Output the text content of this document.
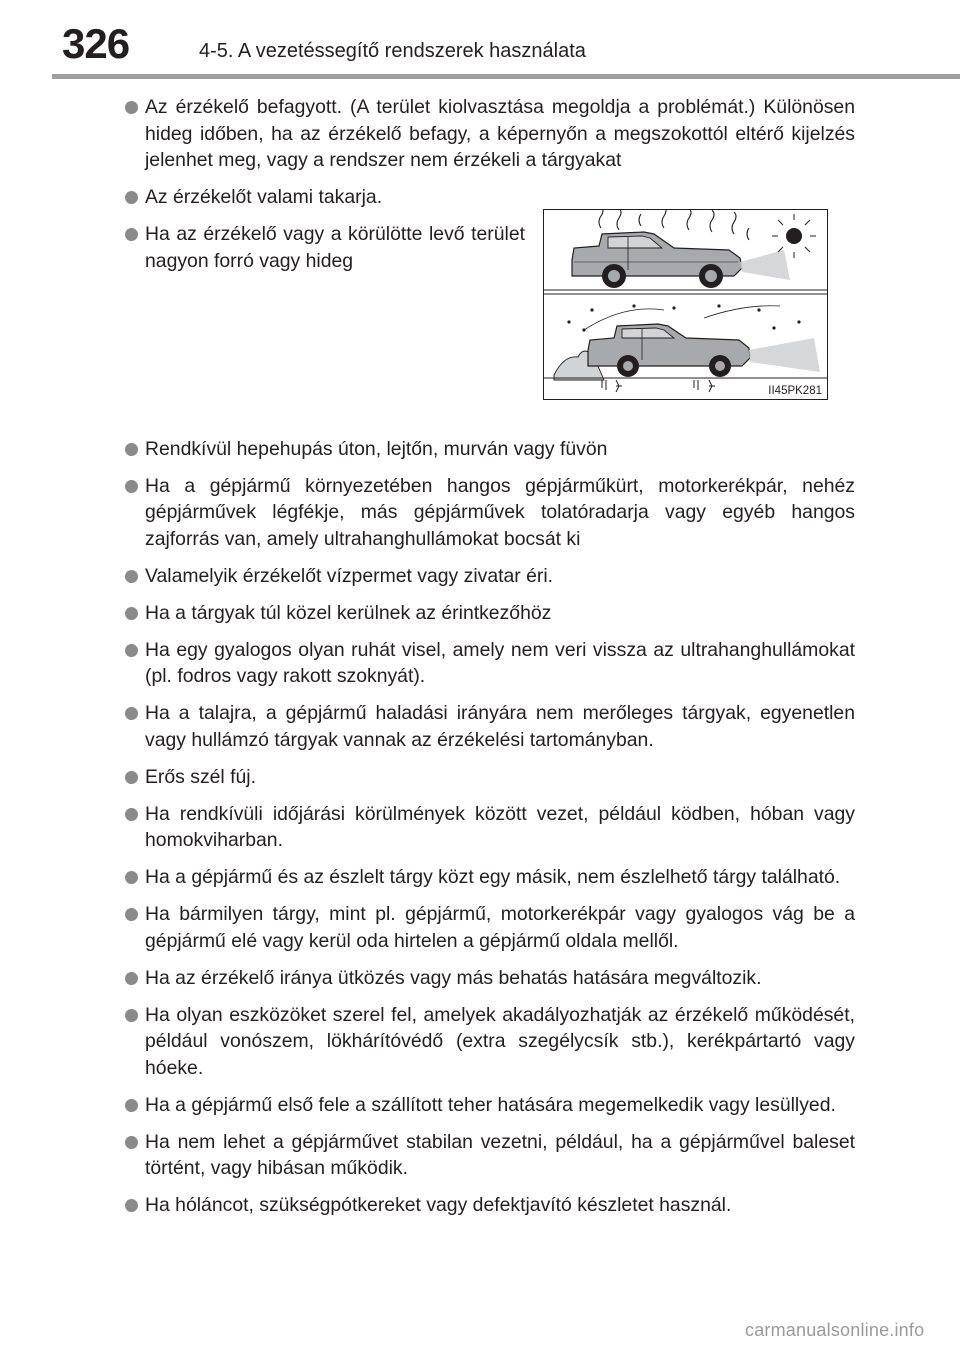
326	4-5. A vezetéssegítő rendszerek használata
Az érzékelő befagyott. (A terület kiolvasztása megoldja a problémát.) Különösen hideg időben, ha az érzékelő befagy, a képernyőn a megszokottól eltérő kijelzés jelenhet meg, vagy a rendszer nem érzékeli a tárgyakat
Az érzékelőt valami takarja.
Ha az érzékelő vagy a körülötte levő terület nagyon forró vagy hideg
Rendkívül hepehupás úton, lejtőn, murván vagy füvön
Ha a gépjármű környezetében hangos gépjárműkürt, motorkerékpár, nehéz gépjárművek légfékje, más gépjárművek tolatóradarja vagy egyéb hangos zajforrás van, amely ultrahanghullámokat bocsát ki
Valamelyik érzékelőt vízpermet vagy zivatar éri.
Ha a tárgyak túl közel kerülnek az érintkezőhöz
Ha egy gyalogos olyan ruhát visel, amely nem veri vissza az ultrahanghullámokat (pl. fodros vagy rakott szoknyát).
Ha a talajra, a gépjármű haladási irányára nem merőleges tárgyak, egyenetlen vagy hullámzó tárgyak vannak az érzékelési tartományban.
Erős szél fúj.
Ha rendkívüli időjárási körülmények között vezet, például ködben, hóban vagy homokviharban.
Ha a gépjármű és az észlelt tárgy közt egy másik, nem észlelhető tárgy található.
Ha bármilyen tárgy, mint pl. gépjármű, motorkerékpár vagy gyalogos vág be a gépjármű elé vagy kerül oda hirtelen a gépjármű oldala mellől.
Ha az érzékelő iránya ütközés vagy más behatás hatására megváltozik.
Ha olyan eszközöket szerel fel, amelyek akadályozhatják az érzékelő működését, például vonószem, lökhárítóvédő (extra szegélycsík stb.), kerékpártartó vagy hóeke.
Ha a gépjármű első fele a szállított teher hatására megemelkedik vagy lesüllyed.
Ha nem lehet a gépjárművet stabilan vezetni, például, ha a gépjárművel baleset történt, vagy hibásan működik.
Ha hóláncot, szükségpótkereket vagy defektjavító készletet használ.
II45PK281
carmanualsonline.info
